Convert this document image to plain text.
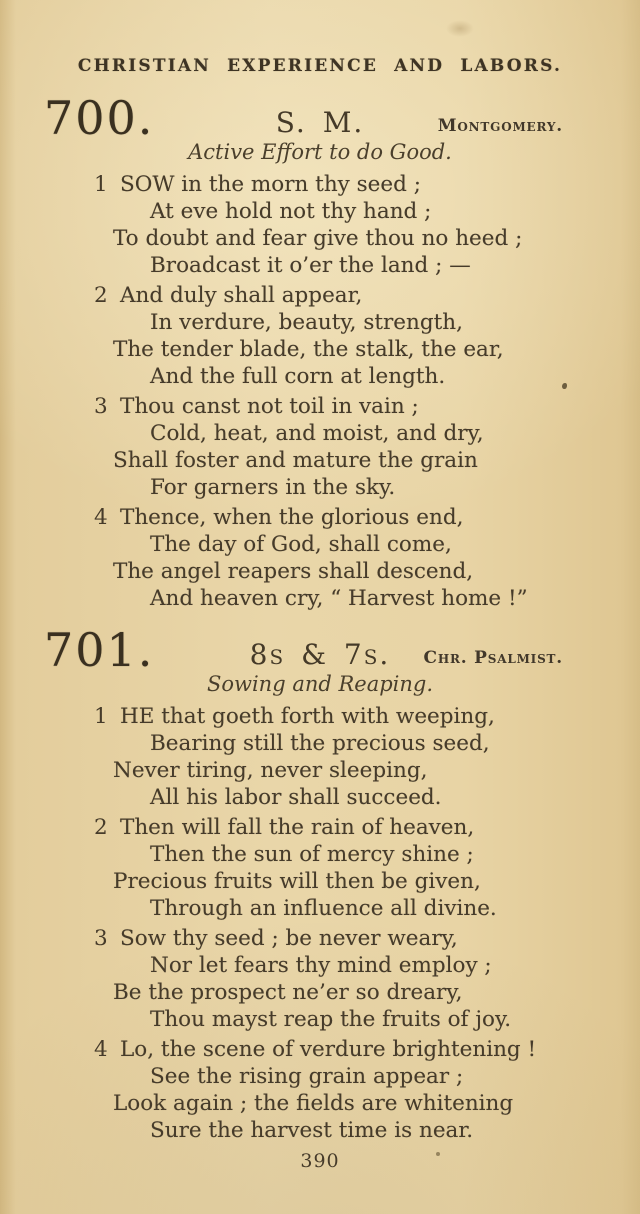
CHRISTIAN EXPERIENCE AND LABORS.
700.	S. M.	Montgomery.
Active Effort to do Good.
1 SOW in the morn thy seed ;
At eve hold not thy hand ;
To doubt and fear give thou no heed ;
Broadcast it o’er the land ; —
2 And duly shall appear,
In verdure, beauty, strength,
The tender blade, the stalk, the ear,
And the full corn at length.
3 Thou canst not toil in vain ;
Cold, heat, and moist, and dry,
Shall foster and mature the grain
For garners in the sky.
4 Thence, when the glorious end,
The day of God, shall come,
The angel reapers shall descend,
And heaven cry, “ Harvest home !”
701.	8s & 7s.	Chr. Psalmist.
Sowing and Reaping.
1 HE that goeth forth with weeping,
Bearing still the precious seed,
Never tiring, never sleeping,
All his labor shall succeed.
2 Then will fall the rain of heaven,
Then the sun of mercy shine ;
Precious fruits will then be given,
Through an influence all divine.
3 Sow thy seed ; be never weary,
Nor let fears thy mind employ ;
Be the prospect ne’er so dreary,
Thou mayst reap the fruits of joy.
4 Lo, the scene of verdure brightening !
See the rising grain appear ;
Look again ; the fields are whitening
Sure the harvest time is near.
390
